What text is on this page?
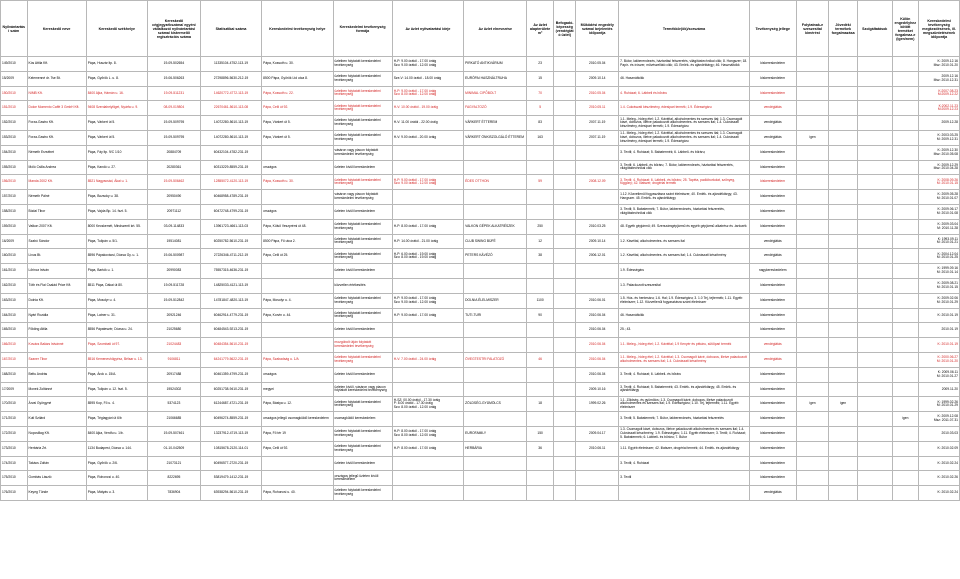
Nyilvántartási szám	Kereskedő neve	Kereskedő székhelye	Kereskedő cégjegyzékszáma/ egyéni vállalkozói nyilvántartási száma/ kistermelői regisztrációs száma	Statisztikai száma	Kereskedelmi tevékenység helye	Kereskedelmi tevékenység formája	Az üzlet nyitvatartási ideje	Az üzlet elnevezése	Az üzlet alapterülete m²	Befogadó-képesség (vendéglátó üzlet)	Működési engedély száma/ bejelentés időpontja	Termékkör(ök)/sorszáma	Tevékenység jellege	Folytatnak-e szeszesital kimérést	Jövedéki termékek forgalmazása	Szolgáltatások	Külön engedélyhez kötött terméket forgalmaz-e (igen/nem)	Kereskedelmi tevékenység megkezdésének, ill. megszüntetésének időpontja
149/2010	Kós Attila Kft.	Pápa, Huszár ltp. 8.	19-09-502654	11335104-4752-113-19	Pápa, Kossuth u. 30.	üzletben folytatott kereskedelmi tevékenység	H-P: 9.00 órától - 17.00 óráig
Szo: 9.00 órától - 12.00 óráig	PIRKATÓ ANTIKVÁRIUM	23		2010.05.04	7. Bútor, lakberendezés, háztartási felszerelés, világítástechnikai cikk; 8. Hangszer; 18. Papír- és írószer, művészellátó cikk; 43. Emlék- és ajándéktárgy; 46. Használtcikk	kiskereskedelem					K: 2009.12.16
Msz: 2010.01.20
15/2009	Kelemenné dr. Tse Bt.	Pápa, Győrök L. u. 8.	19-06-506263	27298896-5630-212-19	8500 Pápa, Győrök Ltd utca 8.	üzletben folytatott kereskedelmi tevékenység	Sze-V: 14.00 órától - 18.00 óráig	EURÓPAI HASZNÁLTRUHA	15		2009.10.14	46. Használtcikk	kiskereskedelem					2009.12.16
Msz: 2010.12.31
150/2010	NIMB Kft.	8400 Ajka, Hámán u. 16.	19-09-511231	14620772-4772-113-19	Pápa, Kossuth u. 22.	üzletben folytatott kereskedelmi tevékenység	H-P: 9.00 órától - 17.00 óráig
Szo: 8.00 órától - 12.00 óráig	MINIMAL CIPŐBOLT	70		2010.05.04	4. Ruházat; 6. Lábbeli és bőráru	kiskereskedelem					K:2007.08.23
M:2009.12.22
151/2010	Dolce Momento Caffé 3 GmbH Kft.	9408 Szerdahelyiliget, Nyárfa u. 9.	08-09-019804	22670461-5610-113-08	Pápa, Celli út 92.	üzletben folytatott kereskedelmi tevékenység	H-V: 10.00 órától - 19.00 óráig	FAGYALTOZÓ	5		2010.05.11	1.4. Cukrászati készítmény, édesipari termék; 1.9. Édességáru	vendéglátás					K:2002.11.23
M:2009.12.23
152/2010	Forza-Gastro Kft.	Pápa, Várkert út 5.	19-09-509795	14072280-5610-113-19	Pápa, Várkert út 5.	üzletben folytatott kereskedelmi tevékenység	H-V: 11.00 órától - 22.00 óráig	VÁRKERT ÉTTEREM	83		2007.11.19	1.1. Meleg-, hideg étel; 1.2. Kávéital, alkoholmentes és szeszes ital; 1.3. Csomagolt kávé, dobozos, illetve palackozott alkoholmentes- és szeszes ital; 1.4. Cukrászati készítmény, édesipari termék; 1.9. Édességáru	vendéglátás					2009.12.28
153/2010	Forza-Gastro Kft.	Pápa, Várkert út 5.	19-09-509795	14072280-5610-113-19	Pápa, Várkert út 5.	üzletben folytatott kereskedelmi tevékenység	H-V: 9.00 órától - 20.00 óráig	VÁRKERT ÖNKISZOLGÁLÓ ÉTTEREM	163		2007.11.19	1.1. Meleg-, hideg étel; 1.2. Kávéital, alkoholmentes és szeszes ital; 1.3. Csomagolt kávé, dobozos, illetve palackozott alkoholmentes- és szeszes ital; 1.4. Cukrászati készítmény, édesipari termék; 1.9. Édességáru	vendéglátás	igen				K: 2003.03.25
M: 2009.12.31
154/2010	Németh Erzsébet	Pápa, Fáy ltp. 9/C 1/10	20884709	60432104-4782-231-19		vásáron vagy piacon folytatott kereskedelmi tevékenység						3. Textil; 4. Ruházat; 5. Babatermék; 6. Lábbeli- és bőráru;	kiskereskedelem					K: 2009.12.30
Msz: 2010.05.08
155/2010	Móló Csilla Andrea	Pápa, Kandó u. 27.	20280361	60313229-8559-231-19	országos	üzleten kívüli kereskedelem						3. Textil; 6. Lábbeli- és bőráru; 7. Bútor, lakberendezés, háztartási felszerelés, világítástechnikai cikk	kiskereskedelem					K: 2009.12.29
Msz: 2010.04.28
156/2010	Manda 2002 Kft.	8521 Nagyacsád, Ákai u. 1.	19-09-506462	12855072-4120-113-19	Pápa, Kossuth u. 30.	üzletben folytatott kereskedelmi tevékenység	H-P: 9.00 órától - 17.00 óráig
Szo: 9.00 órától - 12.00 óráig	ÉDES OTTHON	59		2008.12.09	3. Textil; 4. Ruházat; 6. Lábbeli- és bőráru; 25. Tapéta, padlóburkolat, szőnyeg, függöny; 42. Illatszer, drogériai termék	kiskereskedelem					K: 2008.09.26
M: 2010.01.15
157/2010	Németh Pálné	Pápa, Bozsoky u. 38.	20950490	60468958-4789-231-19		vásáron vagy piacon folytatott kereskedelmi tevékenység						1.12. Közvetlenül fogyasztásra szánt élelmiszer, 40. Emlék- és ajándéktárgy; 43. Hangszer. 45. Emlék- és ajándéktárgy	kiskereskedelem					K: 2009.05.28
M: 2010.01.07
158/2010	Bódai Tibor	Pápa, Vajda Bp. 14. fszt. 5.	20971112	60472748-4799-231-19	országos	üzleten kívüli kereskedelem						3. Textil; 5. Babatermék; 7. Bútor, lakberendezés, háztartási felszerelés, világítástechnikai cikk	kiskereskedelem					K: 2009.06.17
M: 2010.01.08
159/2010	Valkon 2007 Kft.	8000 Kecskemét, Mindszenti krt. 55.	03-09-114833	13961723-4661-113-03	Pápa, Külső Veszprémi út 48.	üzletben folytatott kereskedelmi tevékenység	H-P: 8.00 órától - 17.00 óráig	VALKON GÉPEK ALKATRÉSZEK	250		2010.03.25	48. Egyéb gépjármű; 49. Szerszámgépjármű és egyéb gépjármű alkatrész és -tartozék	kiskereskedelem					K: 2009.03.04
M: 2010.11.28
16/2009	Szabó Sándor	Pápa, Tulipán u. 5/1.	19514081	60250782-5610-231-19	8500 Pápa, Fő utca 2.	üzletben folytatott kereskedelmi tevékenység	H-P: 14.00 órától - 21.00 óráig	CLUB SWING BÜFÉ	12		2009.10.14	1.2. Kávéital, alkoholmentes- és szeszes ital	vendéglátás					K: 1993.09.11
M: 2010.01.21
160/2010	Lixus Bt.	8596 Pápakovácsi, Dózsa Gy. u. 1.	19-06-500987	27226346-4711-212-19	Pápa, Celli út 25.	üzletben folytatott kereskedelmi tevékenység	H-P: 6.00 órától - 19.00 óráig
Szo: 8.00 órától - 19.00 óráig	PETERS KÁVÉZÓ	38		2006.12.01	1.2. Kávéital, alkoholmentes- és szeszes ital; 1.4. Cukrászati készítmény	vendéglátás					K: 2004.12.04
M: 2010.01.25
161/2010	Lőrincz István	Pápa, Bartók u. 1.	20990083	75557315-4636-231-19		üzleten kívüli kereskedelem						1.9. Édességáru	nagykereskedelem					K: 1999.09.16
M: 2010.01.14
162/2010	Tóth és Fiai Család Price Kft.	8511 Pápa, Dákai út 80.	19-09-511728	14825033-4121-113-19		közvetlen értékesítés						1.3. Palackozott szeszesital	kiskereskedelem					K: 2009.08.21
M: 2010.01.15
163/2010	Dolnia Kft.	Pápa, Mosolyr u. 4.	19-09-512842	14781847-4820-113-19	Pápa, Mosolyr u. 4.	üzletben folytatott kereskedelmi tevékenység	H-P: 9.00 órától - 17.00 óráig
Szo: 9.00 órától - 12.00 óráig	DOLNIA ÉLELMISZER	1100		2010.06.01	1.5. Hús- és hentesáru; 1.6. Hal; 1.9. Édességáru; 3. 1.0 Tej, tejtermék; 1.11. Egyéb élelmiszer; 1.12. Közvetlenül fogyasztásra szánt élelmiszer	kiskereskedelem					K: 2009.02.06
M: 2010.01.29
164/2010	Nyári Rozália	Pápa, Latner u. 31.	20921246	60462914-4779-231-19	Pápa, Korvin u. 44.	üzletben folytatott kereskedelmi tevékenység	H-P: 9.00 órától - 17.00 óráig	TUTI-TURI	90		2010.06.04	46. Használtcikk	kiskereskedelem					K: 2010.01.19
165/2010	Földing Attila	8556 Pápateszér, Dózsa u. 24.	21025680	60484543-9213-231-19		üzleten kívüli kereskedelem					2010.06.04	25.; 43.	kiskereskedelem					2010.01.19
166/2010	Kovács Balázs Istvánné	Pápa, Szombati út 97.	21024483	60484354-5610-231-19		mozgóbolt útján folytatott kereskedelmi tevékenység					2010.06.04	1.1. Meleg-, hideg étel; 1.2. Kávéital; 1.9 Kenyér és pékáru, sütőipari termék	vendéglátás					K: 2010.01.19
167/2010	Szaner Tibor	8516 Kemeneshőgyész, Bélsar u. 13.	9106811	64241779-5622-231-19	Pápa, Szabadság u. 1/A	üzletben folytatott kereskedelmi tevékenység	H-V: 7.00 órától - 24.00 óráig	ÖVEGTESTRI FALATOZÓ	46		2010.06.04	1.1. Meleg-, hideg étel; 1.2. Kávéital; 1.3. Csomagolt kávé, dobozos, illetve palackozott alkoholmentes- és szeszes ital; 1.4. Cukrászati készítmény	vendéglátás					K: 2000.06.27
M: 2010.01.20
168/2010	Beltu András	Pápa, Árok u. 15/A.	20917488	60461359-4799-231-19	országos	üzleten kívüli kereskedelem					2010.06.04	3. Textil; 4. Ruházat; 6. Lábbeli- és bőráru	kiskereskedelem					K: 2009.06.11
M: 2010.01.27
17/2009	Monek Zoltánné	Pápa, Tulipán u. 12. fszt. 5.	19524302	60251738-9410-231-19	megyei	üzleten kívüli, vásáron vagy piacon folytatott kereskedelmi tevékenység					2009.10.16	3. Textil; 4. Ruházat; 5. Babatermék; 43. Emlék- és ajándéktárgy; 45. Emlék- és ajándéktárgy	kiskereskedelem					2009.11.20
170/2010	Árvai Györgyné	8595 Kop, Fő u. 4.	5374123	61244687-4721-231-19	Pápa, Bástya u. 12.	üzletben folytatott kereskedelmi tevékenység	H-SZ: 00.00 órától - 17.30 óráig
P: 8.00 órától - 17.30 óráig
Szo: 8.00 órától - 12.00 óráig	ZÖLDSÉG-GYÜMÖLCS	18		1999.02.26	1.1. Zöldség- és gyümölcs; 1.3. Csomagolt kávé, dobozos, illetve palackozott alkoholmentes és szeszes ital; 1.9. Édességáru; 1.10. Tej, tejtermék; 1.11. Egyéb élelmiszer	kiskereskedelem	igen	igen			K: 1999.02.26
M: 2010.01.29
171/2010	Kutl Szilárd	Pápa, Téglagyári út 6/b	21066685	60496274-8559-231-19	országos jellegű csomagküldő kereskedelem	csomagküldő kereskedelem						3. Textil; 5. Babatermék; 7. Bútor, lakberendezés, háztartási felszerelés	kiskereskedelem				igen	K: 2009.12.08
Msz: 2011.07.31
172/2010	Nopcsillag Kft.	8400 Ajka, Verdfu u. 1/b.	19-09-507461	13237912-4719-113-19	Pápa, Fő tér 19	üzletben folytatott kereskedelmi tevékenység	H-P: 8.00 órától - 17.00 óráig
Szo: 8.00 órától - 12.00 óráig	EUROFAMILY	150		2009.04.17	1.3. Csomagolt kávé, dobozos, illetve palackozott alkoholmentes és szeszes ital; 1.4. Cukrászati készítmény; 1.9. Édességáru; 1.11. Egyéb élelmiszer; 3. Textil; 4. Ruházat; 5. Babatermék; 6. Lábbeli- és bőráru; 7. Bútor	kiskereskedelem					2010.03.03
173/2010	Herbária Zrt.	1134 Budapest, Dózsa u. 144.	01-10-042509	10815678-2120-114-01	Pápa, Celli út 92.	üzletben folytatott kereskedelmi tevékenység	H-P: 8.00 órától - 17.00 óráig	HERBÁRIA	36		2010.06.11	1.11. Egyéb élelmiszer; 42. Illatszer, drogériai termék; 44. Emlék- és ajándéktárgy	kiskereskedelem					K: 2010.02.09
174/2010	Takács Zoltán	Pápa, Győrök u. 2/6.	21073121	60496577-2720-231-19		üzleten kívüli kereskedelem						3. Textil; 4. Ruházat	kiskereskedelem					K: 2010.02.24
175/2010	Gombás László	Pápa, Rohoncsi u. 40.	8222695	53819479-1412-231-19		országos jellegű üzleten kívüli kereskedelem						3. Textil	kiskereskedelem					K: 2010.02.26
176/2010	Keyeg Tünde	Pápa, Mátyás u. 3.	7836904	63938294-5610-231-19	Pápa, Rohoncsi u. 40.	üzletben folytatott kereskedelmi tevékenység							vendéglátás					K: 2010.02.24
